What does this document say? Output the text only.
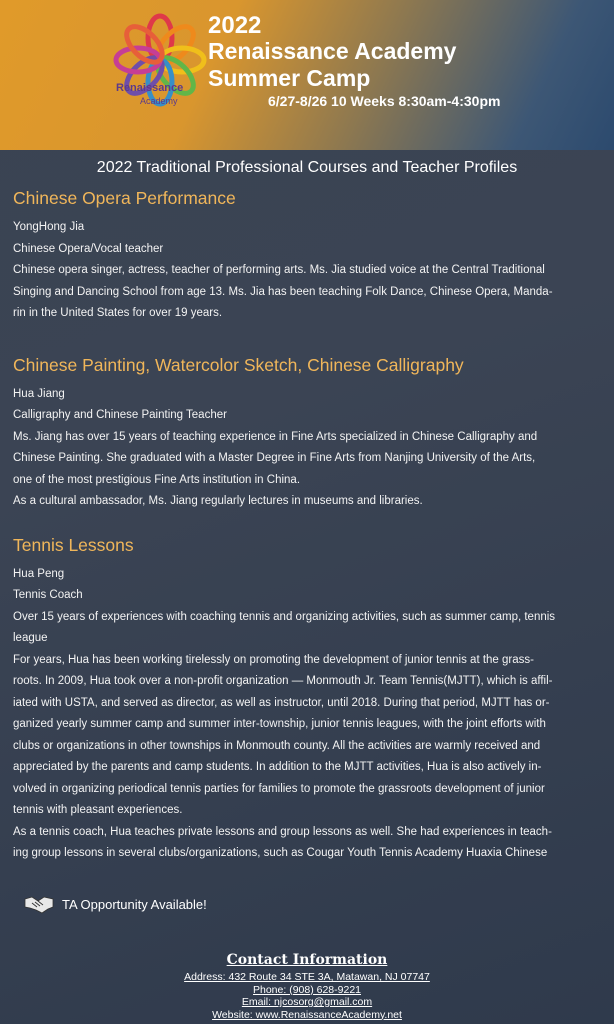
Renaissance
Academy
2022
Renaissance Academy
Summer Camp
6/27-8/26 10 Weeks 8:30am-4:30pm
2022 Traditional Professional Courses and Teacher Profiles
Chinese Opera Performance
YongHong Jia
Chinese Opera/Vocal teacher
Chinese opera singer, actress, teacher of performing arts. Ms. Jia studied voice at the Central Traditional
Singing and Dancing School from age 13. Ms. Jia has been teaching Folk Dance, Chinese Opera, Manda-
rin in the United States for over 19 years.
Chinese Painting, Watercolor Sketch, Chinese Calligraphy
Hua Jiang
Calligraphy and Chinese Painting Teacher
Ms. Jiang has over 15 years of teaching experience in Fine Arts specialized in Chinese Calligraphy and
Chinese Painting. She graduated with a Master Degree in Fine Arts from Nanjing University of the Arts,
one of the most prestigious Fine Arts institution in China.
As a cultural ambassador, Ms. Jiang regularly lectures in museums and libraries.
Tennis Lessons
Hua Peng
Tennis Coach
Over 15 years of experiences with coaching tennis and organizing activities, such as summer camp, tennis
league
For years, Hua has been working tirelessly on promoting the development of junior tennis at the grass-
roots. In 2009, Hua took over a non-profit organization — Monmouth Jr. Team Tennis(MJTT), which is affil-
iated with USTA, and served as director, as well as instructor, until 2018. During that period, MJTT has or-
ganized yearly summer camp and summer inter-township, junior tennis leagues, with the joint efforts with
clubs or organizations in other townships in Monmouth county. All the activities are warmly received and
appreciated by the parents and camp students. In addition to the MJTT activities, Hua is also actively in-
volved in organizing periodical tennis parties for families to promote the grassroots development of junior
tennis with pleasant experiences.
As a tennis coach, Hua teaches private lessons and group lessons as well. She had experiences in teach-
ing group lessons in several clubs/organizations, such as Cougar Youth Tennis Academy Huaxia Chinese
TA Opportunity Available!
Contact Information
Address: 432 Route 34 STE 3A, Matawan, NJ 07747
Phone: (908) 628-9221
Email: njcosorg@gmail.com
Website: www.RenaissanceAcademy.net
